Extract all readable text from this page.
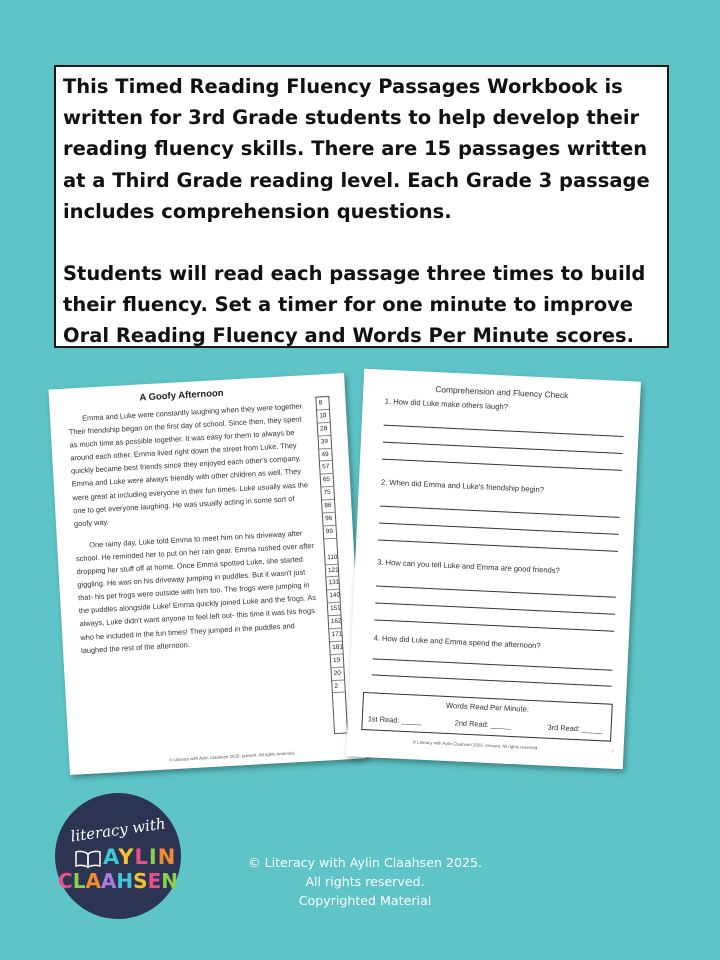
This Timed Reading Fluency Passages Workbook is written for 3rd Grade students to help develop their reading fluency skills. There are 15 passages written at a Third Grade reading level. Each Grade 3 passage includes comprehension questions.

Students will read each passage three times to build their fluency. Set a timer for one minute to improve Oral Reading Fluency and Words Per Minute scores.

A Goofy Afternoon

Emma and Luke were constantly laughing when they were together. Their friendship began on the first day of school. Since then, they spent as much time as possible together. It was easy for them to always be around each other. Emma lived right down the street from Luke. They quickly became best friends since they enjoyed each other's company. Emma and Luke were always friendly with other children as well. They were great at including everyone in their fun times. Luke usually was the one to get everyone laughing. He was usually acting in some sort of goofy way.

One rainy day, Luke told Emma to meet him on his driveway after school. He reminded her to put on her rain gear. Emma rushed over after dropping her stuff off at home. Once Emma spotted Luke, she started giggling. He was on his driveway jumping in puddles. But it wasn't just that- his pet frogs were outside with him too. The frogs were jumping in the puddles alongside Luke! Emma quickly joined Luke and the frogs. As always, Luke didn't want anyone to feel left out- this time it was his frogs who he included in the fun times! They jumped in the puddles and laughed the rest of the afternoon.

8
18
28
39
49
57
65
75
86
96
99
110
121
131
140
151
162
171
181
19
20
2
© Literacy with Aylin Claahsen 2025- present. All rights reserved.
Comprehension and Fluency Check
1. How did Luke make others laugh?
2. When did Emma and Luke's friendship begin?
3. How can you tell Luke and Emma are good friends?
4. How did Luke and Emma spend the afternoon?
Words Read Per Minute:
1st Read: _____	2nd Read: _____	3rd Read: _____
© Literacy with Aylin Claahsen 2025- present. All rights reserved.
7
literacy with
AYLIN
CLAAHSEN
© Literacy with Aylin Claahsen 2025.
All rights reserved.
Copyrighted Material
